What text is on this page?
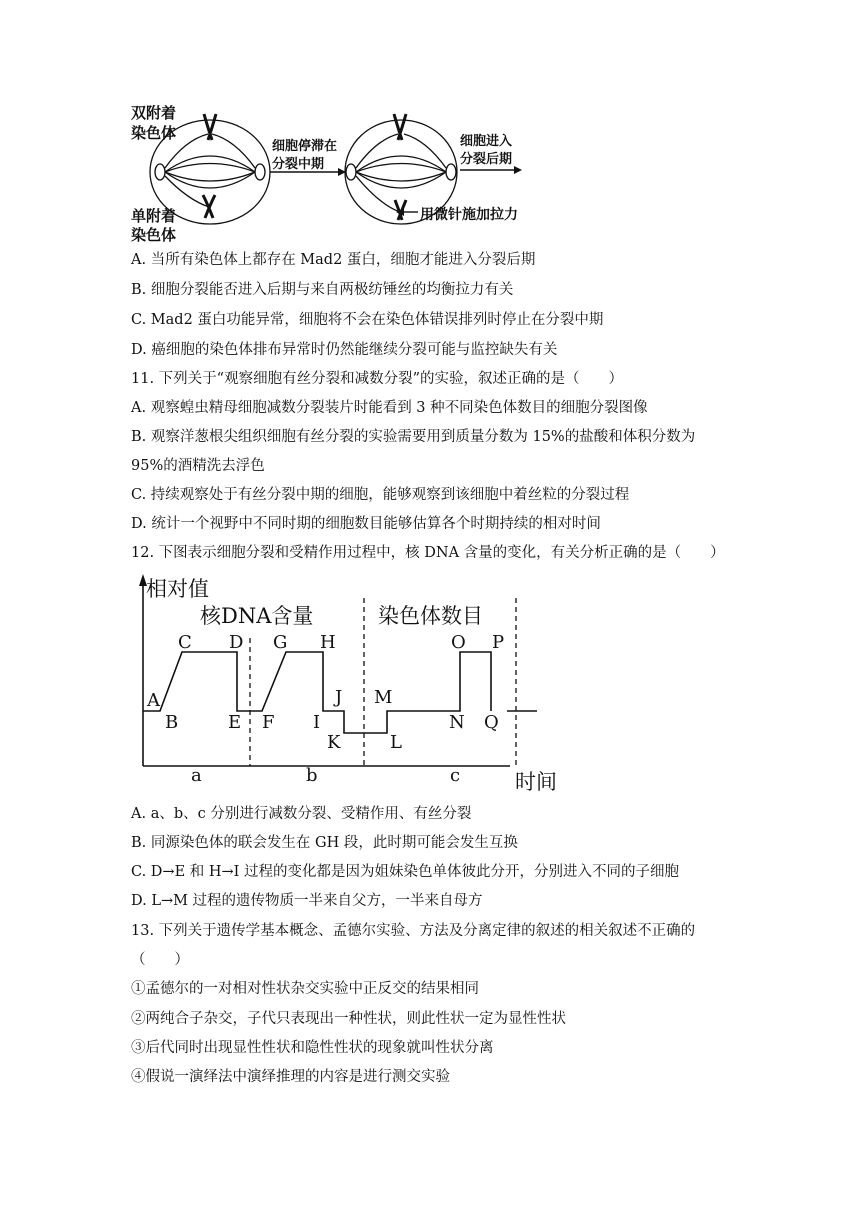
双附着
染色体
单附着
染色体
细胞停滞在
分裂中期
细胞进入
分裂后期
用微针施加拉力
A. 当所有染色体上都存在 Mad2 蛋白，细胞才能进入分裂后期
B. 细胞分裂能否进入后期与来自两极纺锤丝的均衡拉力有关
C. Mad2 蛋白功能异常，细胞将不会在染色体错误排列时停止在分裂中期
D. 癌细胞的染色体排布异常时仍然能继续分裂可能与监控缺失有关
11. 下列关于“观察细胞有丝分裂和减数分裂”的实验，叙述正确的是（　　）
A. 观察蝗虫精母细胞减数分裂装片时能看到 3 种不同染色体数目的细胞分裂图像
B. 观察洋葱根尖组织细胞有丝分裂的实验需要用到质量分数为 15%的盐酸和体积分数为
95%的酒精洗去浮色
C. 持续观察处于有丝分裂中期的细胞，能够观察到该细胞中着丝粒的分裂过程
D. 统计一个视野中不同时期的细胞数目能够估算各个时期持续的相对时间
12. 下图表示细胞分裂和受精作用过程中，核 DNA 含量的变化，有关分析正确的是（　　）
相对值
时间
核DNA含量	染色体数目
a	b	c
A
B
C D
E F
G H
I
J
K	L
M
N
O P
Q
A. a、b、c 分别进行减数分裂、受精作用、有丝分裂
B. 同源染色体的联会发生在 GH 段，此时期可能会发生互换
C. D→E 和 H→I 过程的变化都是因为姐妹染色单体彼此分开，分别进入不同的子细胞
D. L→M 过程的遗传物质一半来自父方，一半来自母方
13. 下列关于遗传学基本概念、孟德尔实验、方法及分离定律的叙述的相关叙述不正确的
（　　）
①孟德尔的一对相对性状杂交实验中正反交的结果相同
②两纯合子杂交，子代只表现出一种性状，则此性状一定为显性性状
③后代同时出现显性性状和隐性性状的现象就叫性状分离
④假说一演绎法中演绎推理的内容是进行测交实验
